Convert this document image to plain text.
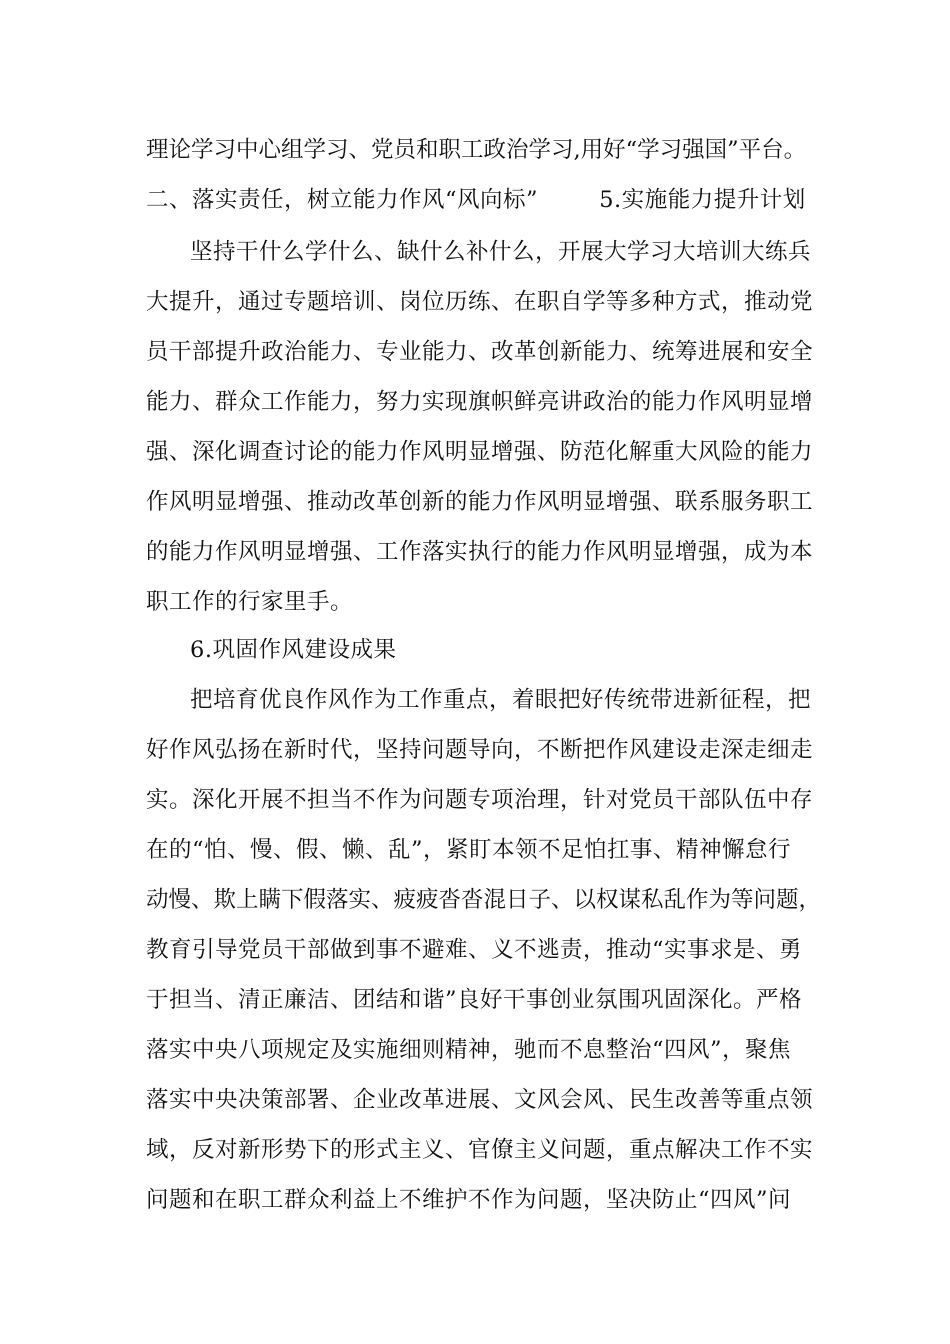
理论学习中心组学习、党员和职工政治学习,用好“学习强国”平台。
二、落实责任，树立能力作风“风向标”        5.实施能力提升计划
坚持干什么学什么、缺什么补什么，开展大学习大培训大练兵
大提升，通过专题培训、岗位历练、在职自学等多种方式，推动党
员干部提升政治能力、专业能力、改革创新能力、统筹进展和安全
能力、群众工作能力，努力实现旗帜鲜亮讲政治的能力作风明显增
强、深化调查讨论的能力作风明显增强、防范化解重大风险的能力
作风明显增强、推动改革创新的能力作风明显增强、联系服务职工
的能力作风明显增强、工作落实执行的能力作风明显增强，成为本
职工作的行家里手。
6.巩固作风建设成果
把培育优良作风作为工作重点，着眼把好传统带进新征程，把
好作风弘扬在新时代，坚持问题导向，不断把作风建设走深走细走
实。深化开展不担当不作为问题专项治理，针对党员干部队伍中存
在的“怕、慢、假、懒、乱”，紧盯本领不足怕扛事、精神懈怠行
动慢、欺上瞒下假落实、疲疲沓沓混日子、以权谋私乱作为等问题，
教育引导党员干部做到事不避难、义不逃责，推动“实事求是、勇
于担当、清正廉洁、团结和谐”良好干事创业氛围巩固深化。严格
落实中央八项规定及实施细则精神，驰而不息整治“四风”，聚焦
落实中央决策部署、企业改革进展、文风会风、民生改善等重点领
域，反对新形势下的形式主义、官僚主义问题，重点解决工作不实
问题和在职工群众利益上不维护不作为问题，坚决防止“四风”问
